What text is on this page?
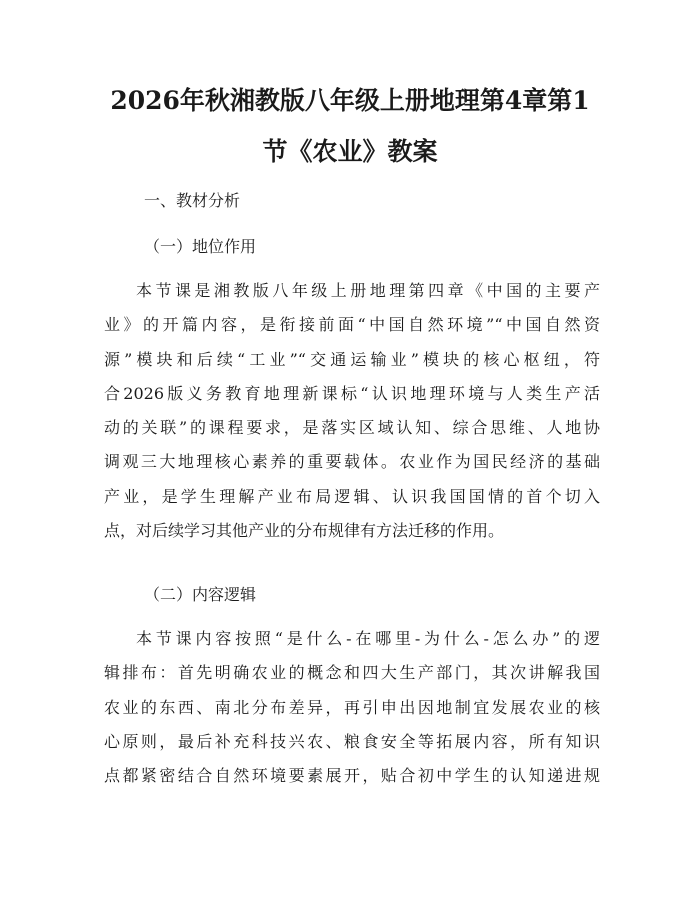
2026年秋湘教版八年级上册地理第4章第1
节《农业》教案
一、教材分析
（一）地位作用
本节课是湘教版八年级上册地理第四章《中国的主要产
业》的开篇内容，是衔接前面“中国自然环境”“中国自然资
源”模块和后续“工业”“交通运输业”模块的核心枢纽，符
合2026版义务教育地理新课标“认识地理环境与人类生产活
动的关联”的课程要求，是落实区域认知、综合思维、人地协
调观三大地理核心素养的重要载体。农业作为国民经济的基础
产业，是学生理解产业布局逻辑、认识我国国情的首个切入
点，对后续学习其他产业的分布规律有方法迁移的作用。
（二）内容逻辑
本节课内容按照“是什么-在哪里-为什么-怎么办”的逻
辑排布：首先明确农业的概念和四大生产部门，其次讲解我国
农业的东西、南北分布差异，再引申出因地制宜发展农业的核
心原则，最后补充科技兴农、粮食安全等拓展内容，所有知识
点都紧密结合自然环境要素展开，贴合初中学生的认知递进规
